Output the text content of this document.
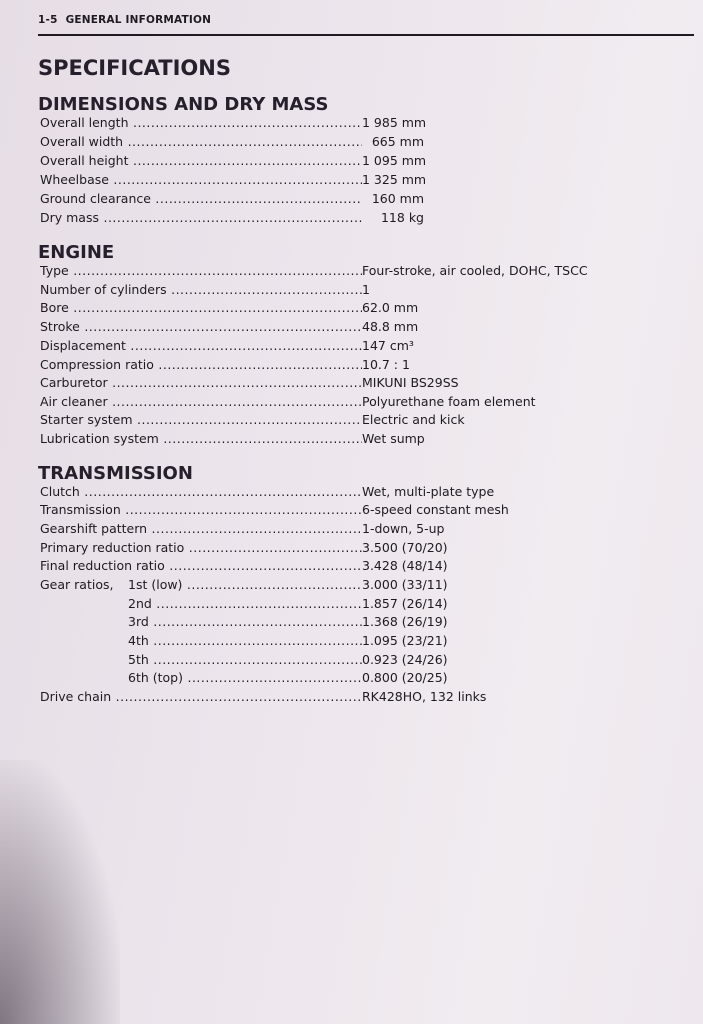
1-5 GENERAL INFORMATION
SPECIFICATIONS
DIMENSIONS AND DRY MASS
Overall length .....	1 985 mm
Overall width .....	665 mm
Overall height .....	1 095 mm
Wheelbase .....	1 325 mm
Ground clearance .....	160 mm
Dry mass .....	118 kg
ENGINE
Type .....	Four-stroke, air cooled, DOHC, TSCC
Number of cylinders .....	1
Bore .....	62.0 mm
Stroke .....	48.8 mm
Displacement .....	147 cm³
Compression ratio .....	10.7 : 1
Carburetor .....	MIKUNI BS29SS
Air cleaner .....	Polyurethane foam element
Starter system .....	Electric and kick
Lubrication system .....	Wet sump
TRANSMISSION
Clutch .....	Wet, multi-plate type
Transmission .....	6-speed constant mesh
Gearshift pattern .....	1-down, 5-up
Primary reduction ratio .....	3.500 (70/20)
Final reduction ratio .....	3.428 (48/14)
Gear ratios, 1st (low) .....	3.000 (33/11)
2nd .....	1.857 (26/14)
3rd .....	1.368 (26/19)
4th .....	1.095 (23/21)
5th .....	0.923 (24/26)
6th (top) .....	0.800 (20/25)
Drive chain .....	RK428HO, 132 links
